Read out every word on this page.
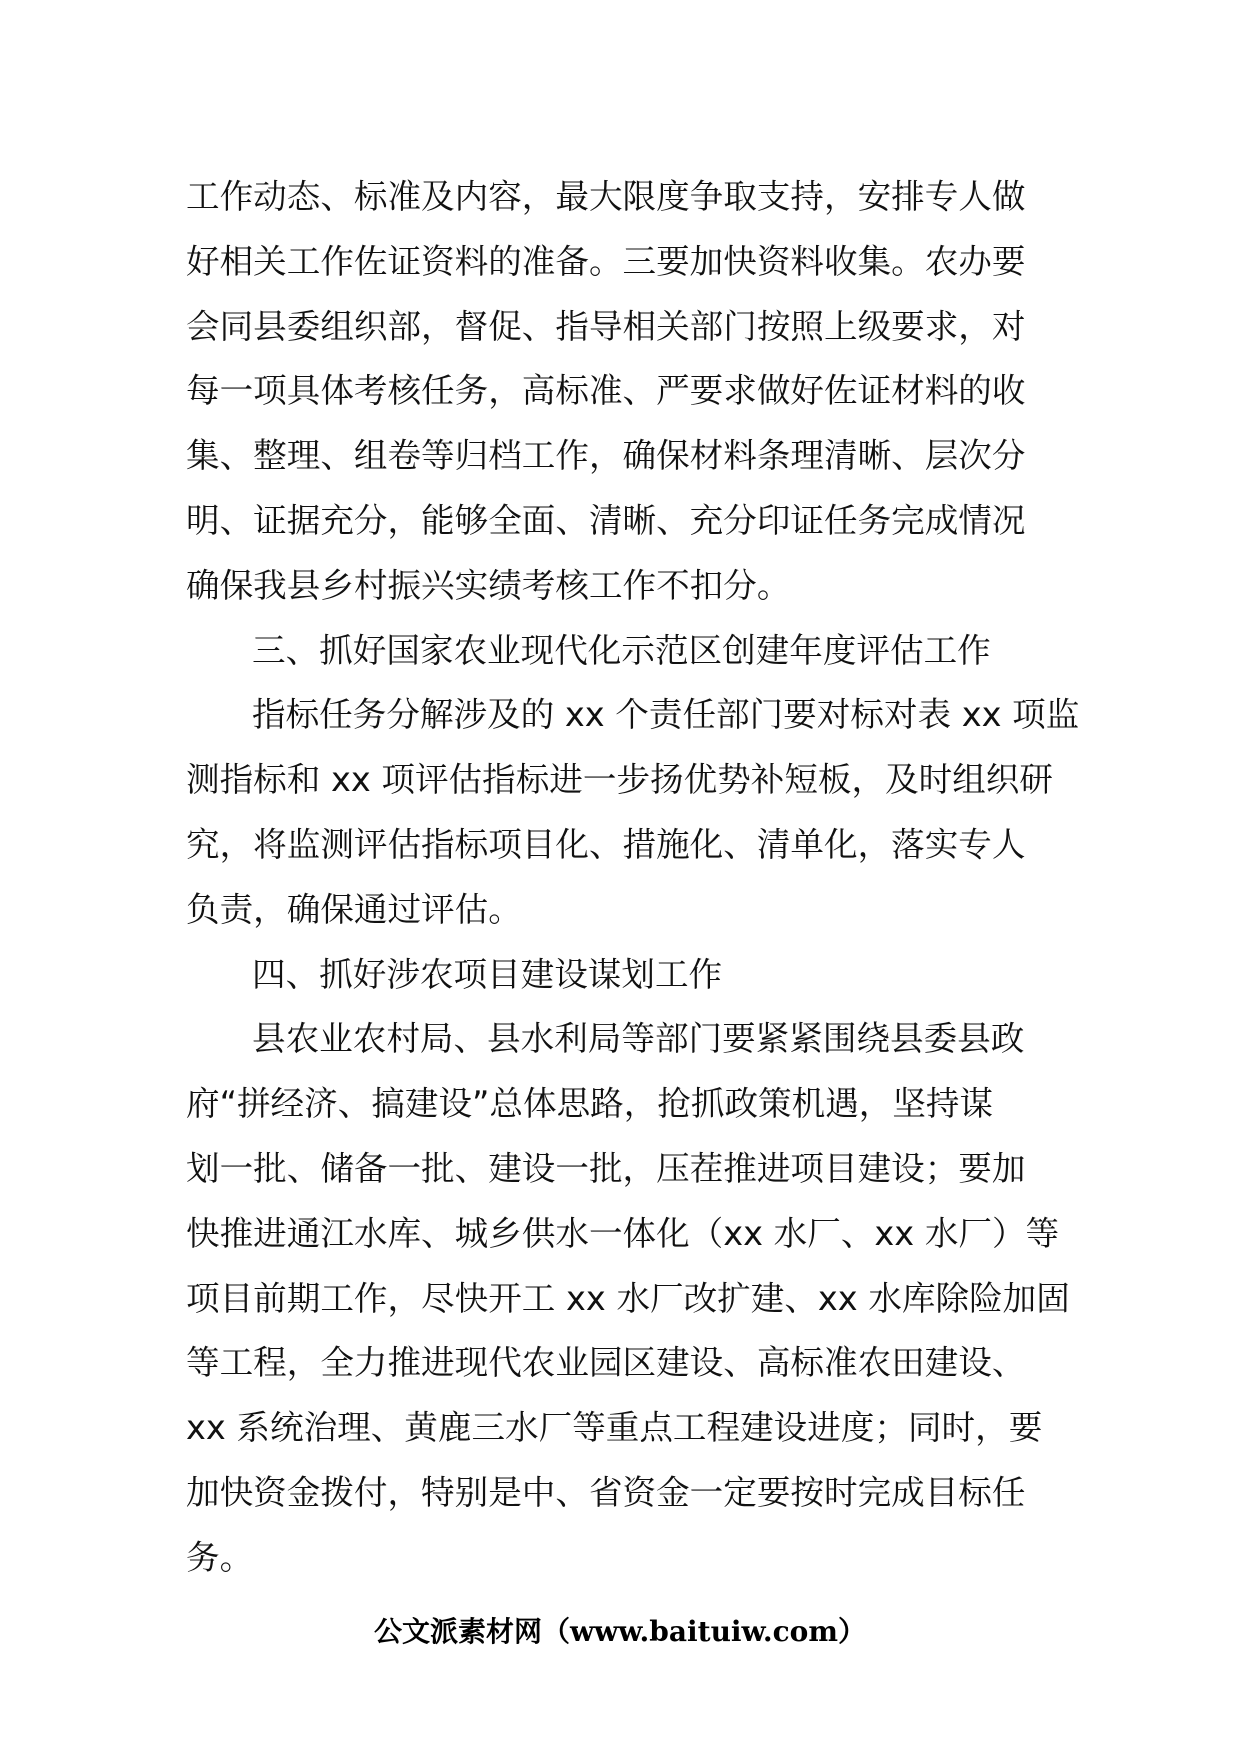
工作动态、标准及内容，最大限度争取支持，安排专人做
好相关工作佐证资料的准备。三要加快资料收集。农办要
会同县委组织部，督促、指导相关部门按照上级要求，对
每一项具体考核任务，高标准、严要求做好佐证材料的收
集、整理、组卷等归档工作，确保材料条理清晰、层次分
明、证据充分，能够全面、清晰、充分印证任务完成情况
确保我县乡村振兴实绩考核工作不扣分。
三、抓好国家农业现代化示范区创建年度评估工作
指标任务分解涉及的 xx 个责任部门要对标对表 xx 项监
测指标和 xx 项评估指标进一步扬优势补短板，及时组织研
究，将监测评估指标项目化、措施化、清单化，落实专人
负责，确保通过评估。
四、抓好涉农项目建设谋划工作
县农业农村局、县水利局等部门要紧紧围绕县委县政
府“拼经济、搞建设”总体思路，抢抓政策机遇，坚持谋
划一批、储备一批、建设一批，压茬推进项目建设；要加
快推进通江水库、城乡供水一体化（xx 水厂、xx 水厂）等
项目前期工作，尽快开工 xx 水厂改扩建、xx 水库除险加固
等工程，全力推进现代农业园区建设、高标准农田建设、
xx 系统治理、黄鹿三水厂等重点工程建设进度；同时，要
加快资金拨付，特别是中、省资金一定要按时完成目标任
务。
公文派素材网（www.baituiw.com）
